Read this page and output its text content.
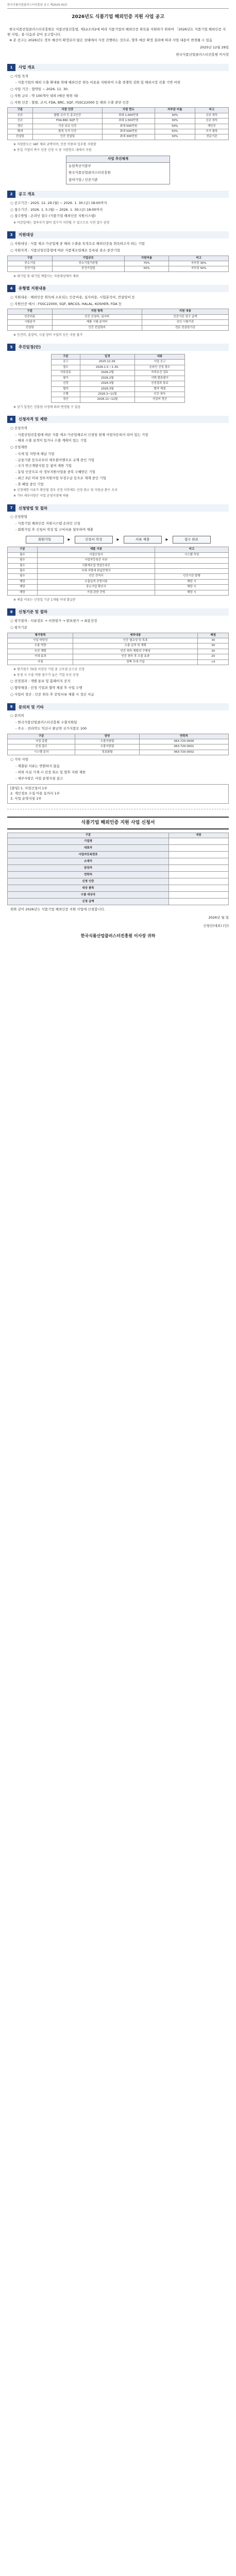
한국식품산업클러스터진흥원 공고 제2025-43호
2026년도 식품기업 해외인증 지원 사업 공고

한국식품산업클러스터진흥원은 식품산업진흥법, 제12조의2에 따라 식품기업의 해외인증 취득을 지원하기 위하여 「2026년도 식품기업 해외인증 지원 사업」을 다음과 같이 공고합니다.

※ 본 공고는 2026년도 정부 예산이 확정되지 않은 상태에서 사전 진행하는 것으로, 향후 예산 확정 결과에 따라 사업 내용이 변경될 수 있음

2025년 12월 29일
한국식품산업클러스터진흥원 이사장
1	사업 개요
○ 사업 목적
- 식품기업의 해외 수출 확대를 위해 해외인증 취득 비용을 지원하여 수출 경쟁력 강화 및 해외시장 진출 기반 마련
○ 사업 기간 : 협약일 ~ 2026. 11. 30.
○ 지원 규모 : 약 100개사 내외 (예산 범위 내)
○ 지원 인증 : 할랄, 코셔, FDA, BRC, SQF, FSSC22000 등 해외 수출 관련 인증
구분	지원 인증	지원 한도	자부담 비율	비고
신규	할랄·코셔 등 종교인증	최대 1,000만원	30%	신규 취득
신규	FDA·BRC·SQF 등	최대 1,500만원	30%	신규 취득
갱신	기존 보유 인증	최대 500만원	50%	재인증
확대	품목 추가 인증	최대 500만원	50%	추가 품목
컨설팅	인증 컨설팅	최대 300만원	30%	전문기관
※ 지원한도는 VAT 제외 금액이며, 인증 비용의 일부를 지원함
※ 동일 기업이 복수 인증 신청 시 총 지원한도 내에서 지원
사업 추진체계
농림축산식품부
한국식품산업클러스터진흥원
참여기업 / 인증기관
2	공고 개요
○ 공고기간 : 2025. 12. 29.(월) ~ 2026. 1. 30.(금) 18:00까지
○ 접수기간 : 2026. 1. 5.(월) ~ 2026. 1. 30.(금) 18:00까지
○ 접수방법 : 온라인 접수 (식품기업 해외인증 지원시스템)
※ 마감일에는 접속자가 많아 접수가 지연될 수 있으므로 사전 접수 권장
3	지원대상
○ 지원대상 : 식품 제조·가공업체 중 해외 수출을 목적으로 해외인증을 취득하고자 하는 기업
○ 지원자격 : 식품산업진흥법에 따른 식품제조업체로 등록된 중소·중견기업
구분	기업규모	지원비율	비고
중소기업	중소기업기본법	70%	자부담 30%
중견기업	중견기업법	50%	자부담 50%
※ 대기업 및 대기업 계열사는 지원대상에서 제외
4	유형별 지원내용
○ 지원내용 : 해외인증 취득에 소요되는 인증비용, 심사비용, 시험분석비, 컨설팅비 등
○ 지원인증 예시 : FSSC22000, SQF, BRCGS, HALAL, KOSHER, FDA 등
구분	지원 항목	지원 내용
인증비용	인증 신청비, 심사비	인증기관 청구 금액
시험분석	제품 시험·분석비	공인 시험기관
컨설팅	인증 컨설팅비	전문 컨설팅기관
※ 인건비, 출장비, 시설·장비 구입비 등은 지원 불가
5	추진일정(안)
구분	일정	내용
공고	2025.12.29.	사업 공고
접수	2026.1.5.~1.30.	온라인 신청 접수
서류검토	2026.2월	자격요건 검토
평가	2026.2월	서면·발표평가
선정	2026.3월	선정결과 통보
협약	2026.3월	협약 체결
수행	2026.3~11월	인증 취득
정산	2026.11~12월	사업비 정산
※ 상기 일정은 진흥원 사정에 따라 변경될 수 있음
6	신청자격 및 제한
○ 신청자격
- 식품산업진흥법에 따른 식품 제조·가공업체로서 신청일 현재 사업자등록이 되어 있는 기업
- 해외 수출 실적이 있거나 수출 계획이 있는 기업
○ 신청제한
- 국세 및 지방세 체납 기업
- 금융기관 등으로부터 채무불이행으로 규제 중인 기업
- 국가 연구개발사업 등 참여 제한 기업
- 동일 인증으로 타 정부지원사업을 중복 수혜받은 기업
- 최근 3년 이내 정부지원사업 부정수급 등으로 제재 중인 기업
- 휴·폐업 중인 기업
※ 신청제한 사유가 확인될 경우 선정 이후에도 선정 취소 및 지원금 환수 조치
※ 기타 세부사항은 사업 운영지침에 따름
7	신청방법 및 절차
○ 신청방법
- 식품기업 해외인증 지원시스템 온라인 신청
- 회원가입 후 신청서 작성 및 구비서류 첨부하여 제출
회원가입	▶	신청서 작성	▶	서류 제출	▶	접수 완료
구분	제출 서류	비고
필수	사업신청서	시스템 작성
필수	사업자등록증 사본	
필수	식품제조업 영업등록증	
필수	국세·지방세 완납증명서	
필수	인증 견적서	인증기관 발행
해당	수출실적 증빙서류	해당 시
해당	중소기업 확인서	해당 시
해당	가점 관련 증빙	해당 시
※ 제출 서류는 신청일 기준 1개월 이내 발급분
8	신청기준 및 절차
○ 평가절차 : 서류검토 → 서면평가 → 발표평가 → 최종선정
○ 평가기준
평가항목	세부내용	배점
사업 타당성	인증 필요성 및 목표	30
수출 역량	수출 실적 및 계획	30
추진 계획	인증 취득 계획의 구체성	20
기대 효과	인증 취득 후 수출 효과	20
가점	정책 우대 기업	+5
※ 평가점수 70점 이상인 기업 중 고득점 순으로 선정
※ 동점 시 수출 역량 점수가 높은 기업 우선 선정
○ 선정결과 : 개별 통보 및 홈페이지 공지
○ 협약체결 : 선정 기업과 협약 체결 후 사업 수행
○ 사업비 정산 : 인증 취득 후 증빙서류 제출 시 정산 지급
9	문의처 및 기타
○ 문의처
- 한국식품산업클러스터진흥원 수출지원팀
- 주소 : 전라북도 익산시 왕궁면 국가식품로 100
구분	담당	연락처
사업 총괄	수출지원팀	063-720-0000
신청·접수	수출지원팀	063-720-0001
시스템 문의	정보화팀	063-720-0002
○ 기타 사항
- 제출된 서류는 반환하지 않음
- 허위 사실 기재 시 선정 취소 및 향후 지원 제한
- 세부사항은 사업 운영지침 참고
[붙임] 1. 사업신청서 1부
2. 개인정보 수집·이용 동의서 1부
3. 사업 운영지침 1부
식품기업 해외인증 지원 사업 신청서
구분	내용
기업명	
대표자	
사업자등록번호	
소재지	
담당자	
연락처	
신청 인증	
대상 품목	
수출 대상국	
신청 금액	
위와 같이 2026년도 식품기업 해외인증 지원 사업에 신청합니다.
2026년 월 일
신청인(대표) (인)
한국식품산업클러스터진흥원 이사장 귀하
